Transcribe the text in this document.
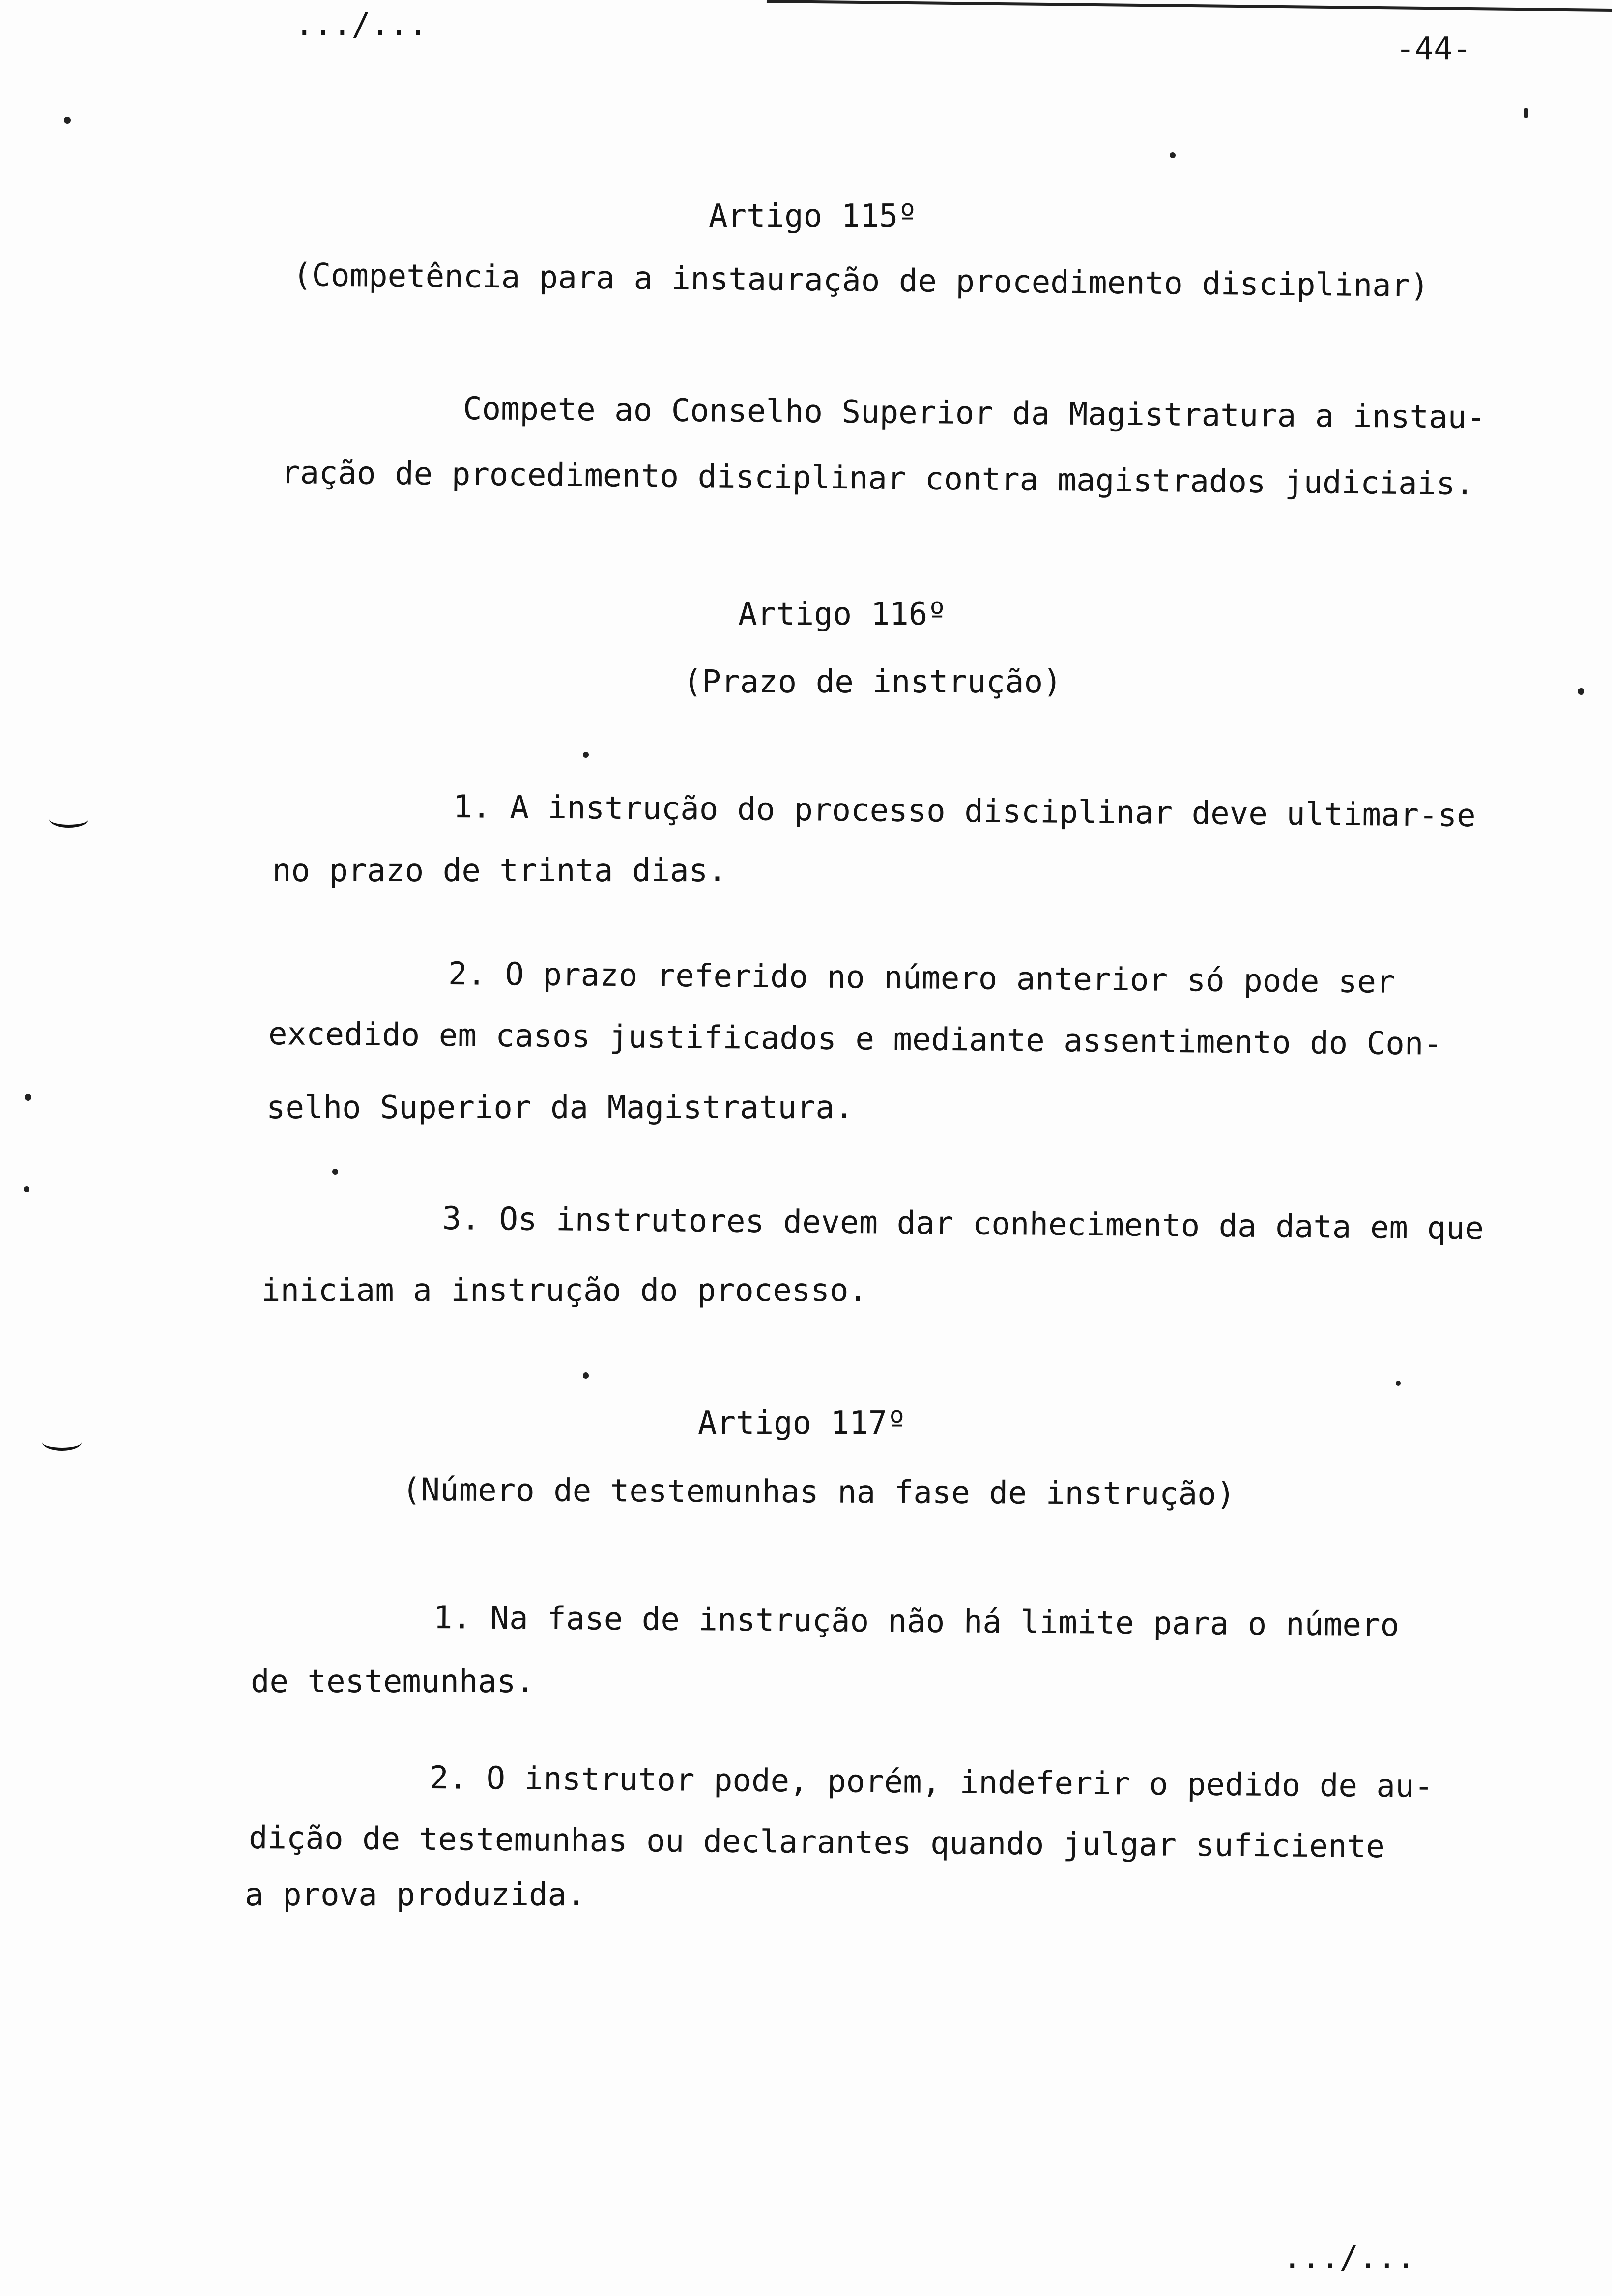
.../...
-44-
Artigo 115º
(Competência para a instauração de procedimento disciplinar)
Compete ao Conselho Superior da Magistratura a instau-
ração de procedimento disciplinar contra magistrados judiciais.
Artigo 116º
(Prazo de instrução)
1. A instrução do processo disciplinar deve ultimar-se
no prazo de trinta dias.
2. O prazo referido no número anterior só pode ser
excedido em casos justificados e mediante assentimento do Con-
selho Superior da Magistratura.
3. Os instrutores devem dar conhecimento da data em que
iniciam a instrução do processo.
Artigo 117º
(Número de testemunhas na fase de instrução)
1. Na fase de instrução não há limite para o número
de testemunhas.
2. O instrutor pode, porém, indeferir o pedido de au-
dição de testemunhas ou declarantes quando julgar suficiente
a prova produzida.
.../...
